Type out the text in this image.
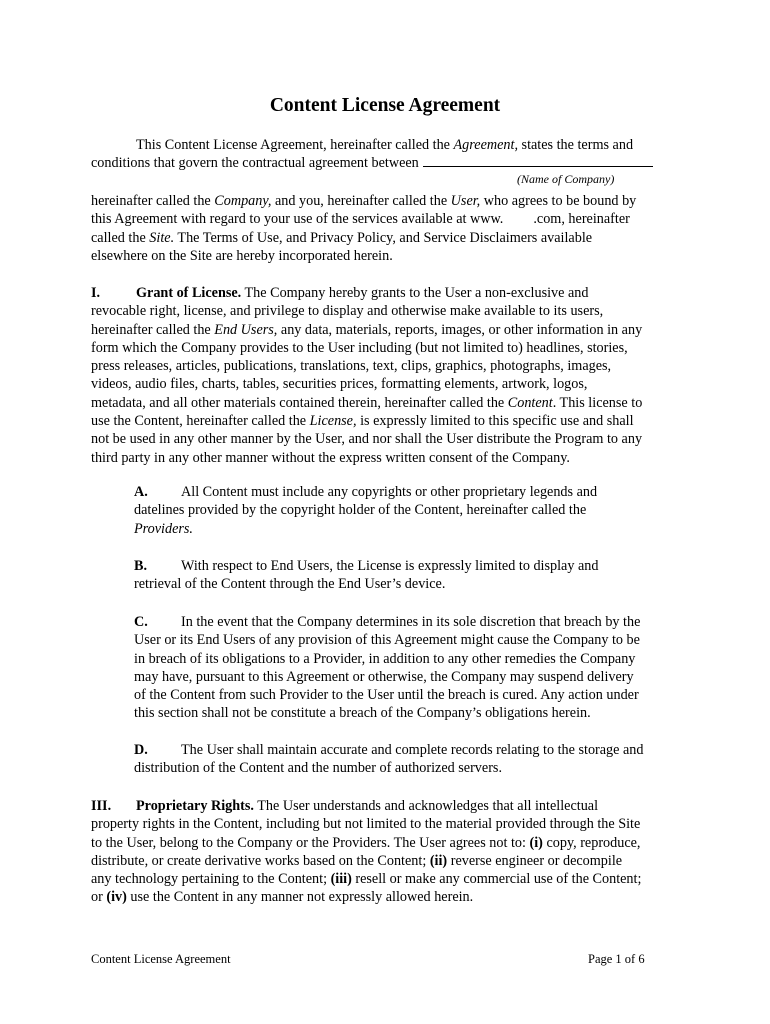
Content License Agreement
This Content License Agreement, hereinafter called the Agreement, states the terms and
conditions that govern the contractual agreement between
(Name of Company)
hereinafter called the Company, and you, hereinafter called the User, who agrees to be bound by
this Agreement with regard to your use of the services available at www. .com, hereinafter
called the Site. The Terms of Use, and Privacy Policy, and Service Disclaimers available
elsewhere on the Site are hereby incorporated herein.
I.	Grant of License. The Company hereby grants to the User a non-exclusive and
revocable right, license, and privilege to display and otherwise make available to its users,
hereinafter called the End Users, any data, materials, reports, images, or other information in any
form which the Company provides to the User including (but not limited to) headlines, stories,
press releases, articles, publications, translations, text, clips, graphics, photographs, images,
videos, audio files, charts, tables, securities prices, formatting elements, artwork, logos,
metadata, and all other materials contained therein, hereinafter called the Content. This license to
use the Content, hereinafter called the License, is expressly limited to this specific use and shall
not be used in any other manner by the User, and nor shall the User distribute the Program to any
third party in any other manner without the express written consent of the Company.
A. All Content must include any copyrights or other proprietary legends and
datelines provided by the copyright holder of the Content, hereinafter called the
Providers.
B. With respect to End Users, the License is expressly limited to display and
retrieval of the Content through the End User’s device.
C. In the event that the Company determines in its sole discretion that breach by the
User or its End Users of any provision of this Agreement might cause the Company to be
in breach of its obligations to a Provider, in addition to any other remedies the Company
may have, pursuant to this Agreement or otherwise, the Company may suspend delivery
of the Content from such Provider to the User until the breach is cured. Any action under
this section shall not be constitute a breach of the Company’s obligations herein.
D. The User shall maintain accurate and complete records relating to the storage and
distribution of the Content and the number of authorized servers.
III. Proprietary Rights. The User understands and acknowledges that all intellectual
property rights in the Content, including but not limited to the material provided through the Site
to the User, belong to the Company or the Providers. The User agrees not to: (i) copy, reproduce,
distribute, or create derivative works based on the Content; (ii) reverse engineer or decompile
any technology pertaining to the Content; (iii) resell or make any commercial use of the Content;
or (iv) use the Content in any manner not expressly allowed herein.
Content License Agreement	Page 1 of 6
